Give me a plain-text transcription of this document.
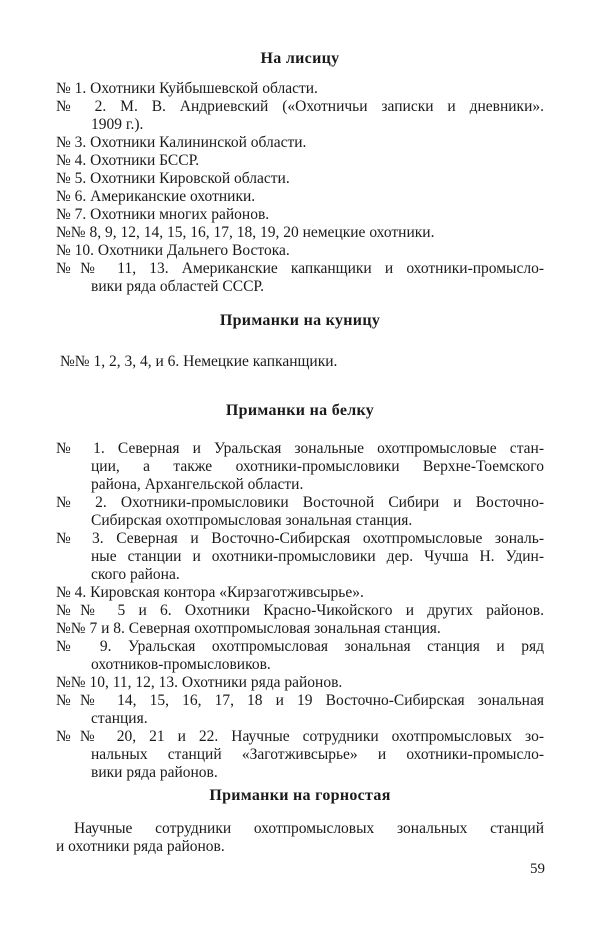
На лисицу
№ 1. Охотники Куйбышевской области.
№ 2. М. В. Андриевский («Охотничьи записки и дневники».
1909 г.).
№ 3. Охотники Калининской области.
№ 4. Охотники БССР.
№ 5. Охотники Кировской области.
№ 6. Американские охотники.
№ 7. Охотники многих районов.
№№ 8, 9, 12, 14, 15, 16, 17, 18, 19, 20 немецкие охотники.
№ 10. Охотники Дальнего Востока.
№№ 11, 13. Американские капканщики и охотники-промысло-
вики ряда областей СССР.
Приманки на куницу
№№ 1, 2, 3, 4, и 6. Немецкие капканщики.
Приманки на белку
№ 1. Северная и Уральская зональные охотпромысловые стан-
ции, а также охотники-промысловики Верхне-Тоемского
района, Архангельской области.
№ 2. Охотники-промысловики Восточной Сибири и Восточно-
Сибирская охотпромысловая зональная станция.
№ 3. Северная и Восточно-Сибирская охотпромысловые зональ-
ные станции и охотники-промысловики дер. Чучша Н. Удин-
ского района.
№ 4. Кировская контора «Кирзаготживсырье».
№№ 5 и 6. Охотники Красно-Чикойского и других районов.
№№ 7 и 8. Северная охотпромысловая зональная станция.
№ 9. Уральская охотпромысловая зональная станция и ряд
охотников-промысловиков.
№№ 10, 11, 12, 13. Охотники ряда районов.
№№ 14, 15, 16, 17, 18 и 19 Восточно-Сибирская зональная
станция.
№№ 20, 21 и 22. Научные сотрудники охотпромысловых зо-
нальных станций «Заготживсырье» и охотники-промысло-
вики ряда районов.
Приманки на горностая
Научные сотрудники охотпромысловых зональных станций
и охотники ряда районов.
59
